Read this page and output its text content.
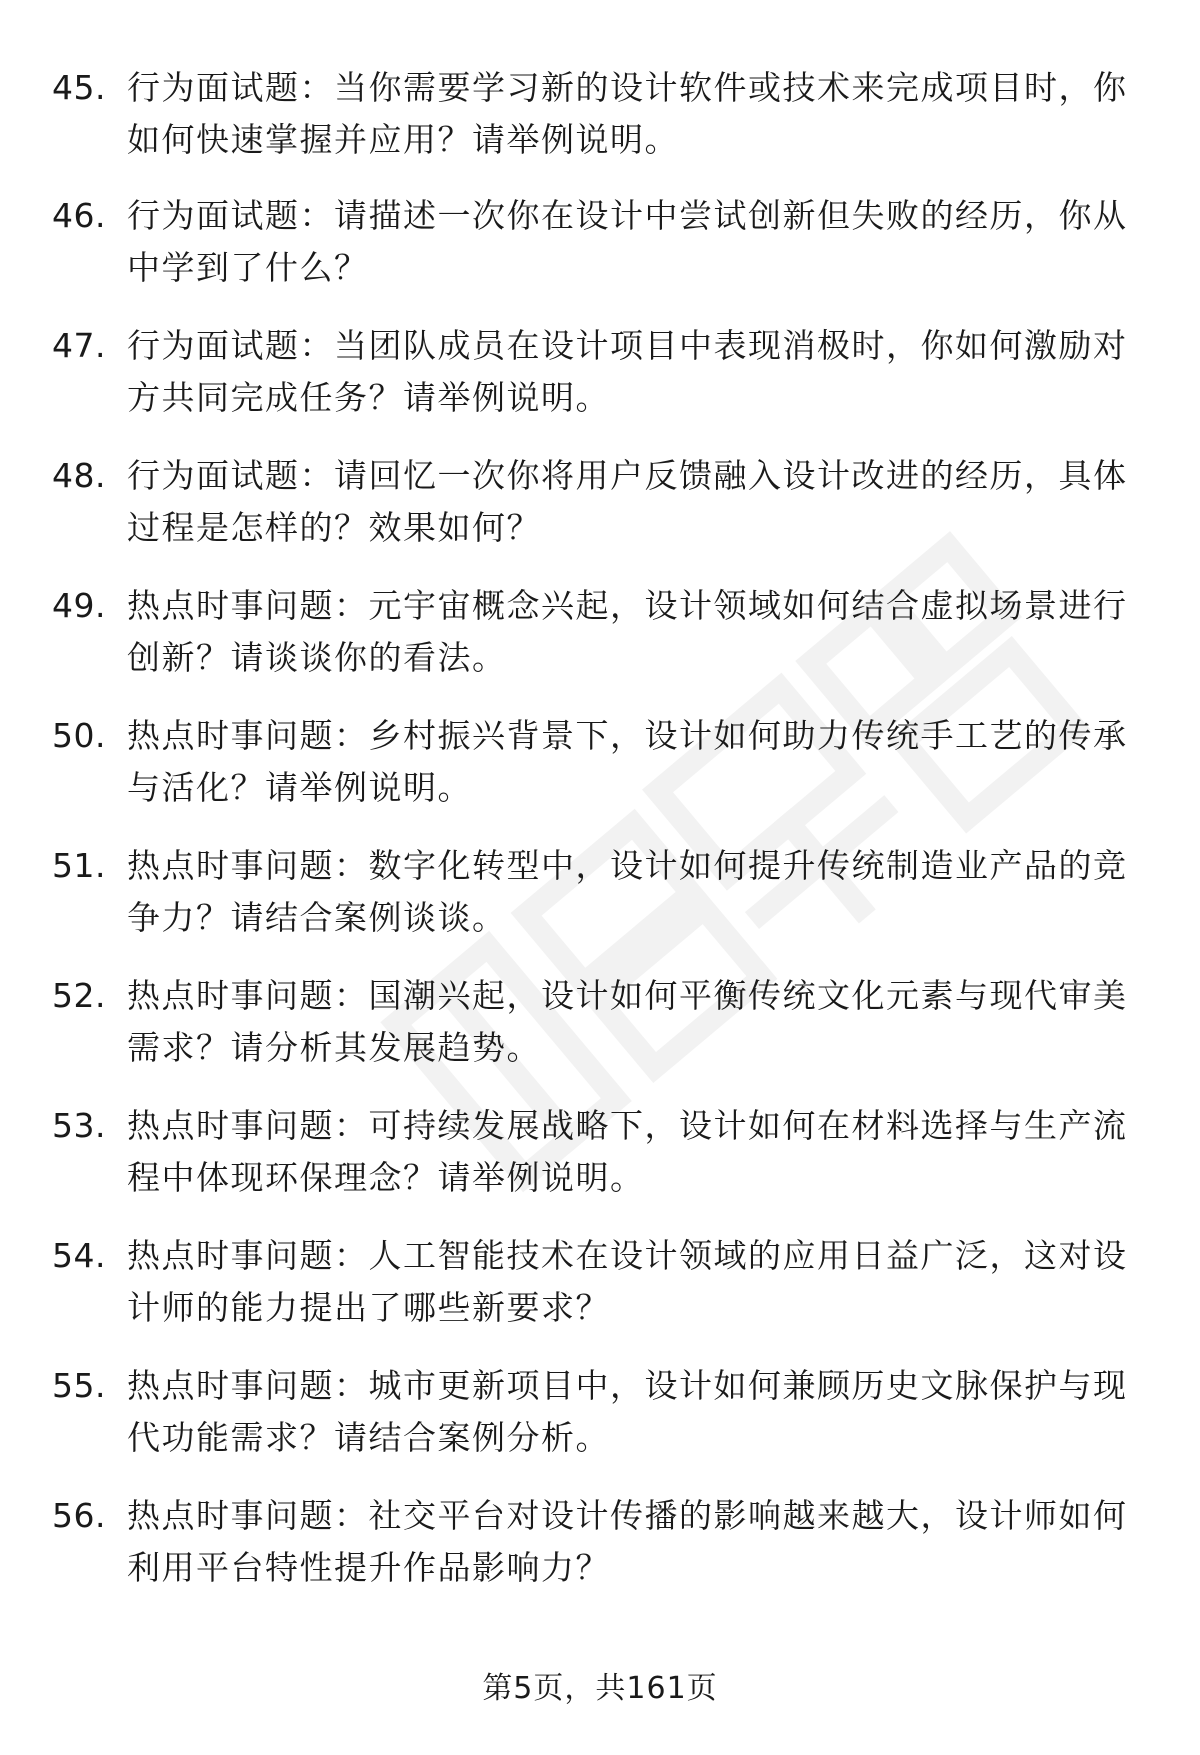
45. 行为面试题：当你需要学习新的设计软件或技术来完成项目时，你如何快速掌握并应用？请举例说明。

46. 行为面试题：请描述一次你在设计中尝试创新但失败的经历，你从中学到了什么？

47. 行为面试题：当团队成员在设计项目中表现消极时，你如何激励对方共同完成任务？请举例说明。

48. 行为面试题：请回忆一次你将用户反馈融入设计改进的经历，具体过程是怎样的？效果如何？

49. 热点时事问题：元宇宙概念兴起，设计领域如何结合虚拟场景进行创新？请谈谈你的看法。

50. 热点时事问题：乡村振兴背景下，设计如何助力传统手工艺的传承与活化？请举例说明。

51. 热点时事问题：数字化转型中，设计如何提升传统制造业产品的竞争力？请结合案例谈谈。

52. 热点时事问题：国潮兴起，设计如何平衡传统文化元素与现代审美需求？请分析其发展趋势。

53. 热点时事问题：可持续发展战略下，设计如何在材料选择与生产流程中体现环保理念？请举例说明。

54. 热点时事问题：人工智能技术在设计领域的应用日益广泛，这对设计师的能力提出了哪些新要求？

55. 热点时事问题：城市更新项目中，设计如何兼顾历史文脉保护与现代功能需求？请结合案例分析。

56. 热点时事问题：社交平台对设计传播的影响越来越大，设计师如何利用平台特性提升作品影响力？

第5页，共161页
